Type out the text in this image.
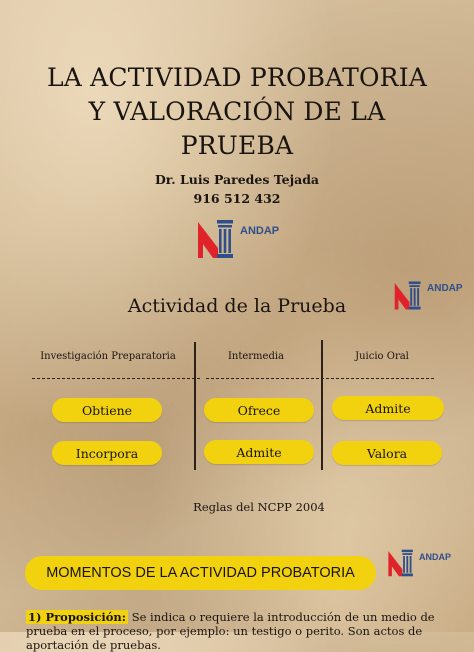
LA ACTIVIDAD PROBATORIA
Y VALORACIÓN DE LA
PRUEBA
Dr. Luis Paredes Tejada
916 512 432
ANDAP
Actividad de la Prueba
ANDAP
Investigación Preparatoria	Intermedia	Juicio Oral
Obtiene
Incorpora
Ofrece
Admite
Admite
Valora
Reglas del NCPP 2004
MOMENTOS DE LA ACTIVIDAD PROBATORIA
ANDAP
1) Proposición: Se indica o requiere la introducción de un medio de prueba en el proceso, por ejemplo: un testigo o perito. Son actos de aportación de pruebas.
